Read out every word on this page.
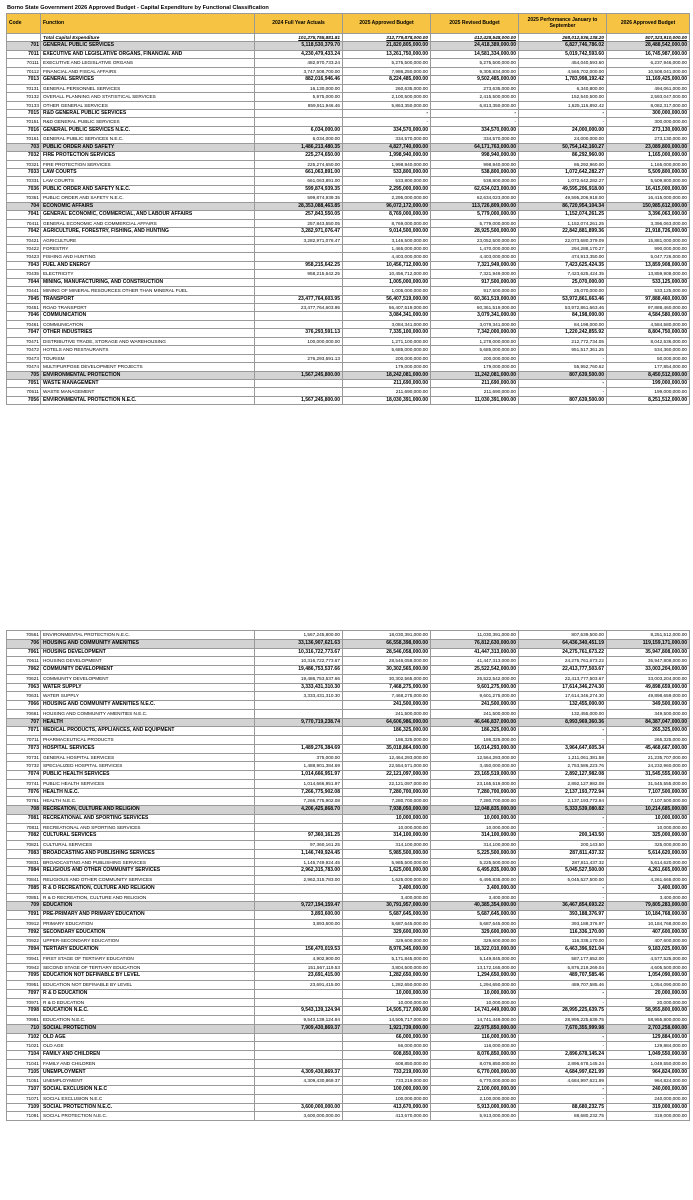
Borno State Government 2026 Approved Budget - Capital Expenditure by Functional Classification
Code	Function	2024 Full Year Actuals	2025 Approved Budget	2025 Revised Budget	2025 Performance January to September	2026 Approved Budget
	Total Capital Expenditure	101,275,755,881.81	312,779,878,000.00	412,428,548,000.00	268,012,536,138.20	507,323,910,000.00
701	GENERAL PUBLIC SERVICES	5,118,530,379.70	21,820,805,000.00	24,418,389,000.00	6,827,746,786.02	28,488,542,000.00
7011	EXECUTIVE AND LEGISLATIVE ORGANS, FINANCIAL AND	4,230,479,433.24	13,261,750,000.00	14,581,334,000.00	5,019,742,593.60	16,745,987,000.00
70111	EXECUTIVE AND LEGISLATIVE ORGANS	482,970,733.24	5,275,500,000.00	5,275,500,000.00	454,040,593.60	6,237,946,000.00
70112	FINANCIAL AND FISCAL AFFAIRS	3,747,508,700.00	7,986,250,000.00	9,305,834,000.00	4,565,702,000.00	10,508,041,000.00
7013	GENERAL SERVICES	882,016,946.46	8,224,485,000.00	9,502,485,000.00	1,783,998,192.42	11,169,425,000.00
70131	GENERAL PERSONNEL SERVICES	16,130,000.00	260,635,000.00	273,635,000.00	6,340,800.00	494,061,000.00
70132	OVERALL PLANNING AND STATISTICAL SERVICES	5,975,000.00	2,100,500,000.00	2,415,500,000.00	152,540,500.00	2,593,047,000.00
70133	OTHER GENERAL SERVICES	859,911,946.46	5,863,350,000.00	6,813,350,000.00	1,625,116,892.42	8,082,317,000.00
7015	R&D GENERAL PUBLIC SERVICES		-	-	-	300,000,000.00
70151	R&D GENERAL PUBLIC SERVICES		-	-	-	300,000,000.00
7016	GENERAL PUBLIC SERVICES N.E.C.	6,034,000.00	334,570,000.00	334,570,000.00	24,000,000.00	273,130,000.00
70161	GENERAL PUBLIC SERVICES N.E.C.	6,034,000.00	334,570,000.00	334,570,000.00	24,000,000.00	273,130,000.00
703	PUBLIC ORDER AND SAFETY	1,486,213,480.35	4,827,740,000.00	64,171,763,000.00	50,754,142,160.27	23,089,800,000.00
7032	FIRE PROTECTION SERVICES	225,274,650.00	1,998,940,000.00	998,940,000.00	86,292,960.00	1,165,000,000.00
70321	FIRE PROTECTION SERVICES	225,274,650.00	1,998,940,000.00	998,940,000.00	86,292,960.00	1,165,000,000.00
7033	LAW COURTS	661,063,891.00	533,800,000.00	538,800,000.00	1,072,642,282.27	5,509,800,000.00
70331	LAW COURTS	661,063,891.00	533,800,000.00	538,800,000.00	1,072,642,282.27	5,509,800,000.00
7036	PUBLIC ORDER AND SAFETY N.E.C.	599,874,939.35	2,295,000,000.00	62,634,023,000.00	49,595,206,918.00	16,415,000,000.00
70361	PUBLIC ORDER AND SAFETY N.E.C.	599,874,939.35	2,295,000,000.00	62,634,023,000.00	49,595,206,918.00	16,415,000,000.00
704	ECONOMIC AFFAIRS	28,353,088,463.85	96,072,172,000.00	113,726,809,000.00	86,720,954,104.34	150,985,612,000.00
7041	GENERAL ECONOMIC, COMMERCIAL, AND LABOUR AFFAIRS	257,843,550.05	8,769,000,000.00	5,779,000,000.00	1,152,074,261.25	3,396,063,000.00
70411	GENERAL ECONOMIC AND COMMERCIAL AFFAIRS	257,843,550.05	8,769,000,000.00	5,779,000,000.00	1,152,074,261.25	3,396,063,000.00
7042	AGRICULTURE, FORESTRY, FISHING, AND HUNTING	3,282,971,076.47	9,014,500,000.00	28,925,500,000.00	22,842,881,899.36	21,918,726,000.00
70421	AGRICULTURE	3,282,971,076.47	3,146,500,000.00	23,052,500,000.00	22,073,680,379.09	15,881,000,000.00
70422	FORESTRY		1,465,000,000.00	1,470,000,000.00	294,288,170.27	990,000,000.00
70423	FISHING AND HUNTING		4,403,000,000.00	4,403,000,000.00	474,913,350.00	5,047,726,000.00
7043	FUEL AND ENERGY	958,215,642.25	10,456,712,000.00	7,321,949,000.00	7,423,625,424.35	13,859,908,000.00
70435	ELECTRICITY	958,215,642.25	10,456,712,000.00	7,321,949,000.00	7,423,625,424.35	13,859,908,000.00
7044	MINING, MANUFACTURING, AND CONSTRUCTION		1,005,000,000.00	917,500,000.00	25,070,000.00	533,125,000.00
70441	MINING OF MINERAL RESOURCES OTHER THAN MINERAL FUEL		1,005,000,000.00	917,500,000.00	25,070,000.00	533,125,000.00
7045	TRANSPORT	23,477,764,603.95	56,407,519,000.00	60,361,519,000.00	53,972,861,663.46	97,888,460,000.00
70451	ROAD TRANSPORT	23,477,764,603.95	56,407,519,000.00	60,361,519,000.00	53,972,861,663.46	97,888,460,000.00
7046	COMMUNICATION		3,084,341,000.00	3,079,341,000.00	84,198,000.00	4,584,580,000.00
70461	COMMUNICATION		3,084,341,000.00	3,079,341,000.00	84,198,000.00	4,584,580,000.00
7047	OTHER INDUSTRIES	376,293,591.13	7,335,100,000.00	7,342,000,000.00	1,220,242,855.92	8,804,750,000.00
70471	DISTRIBUTIVE TRADE, STORAGE AND WAREHOUSING	100,000,000.00	1,271,100,000.00	1,278,000,000.00	212,772,734.05	8,042,536,000.00
70472	HOTELS AND RESTAURANTS		5,685,000,000.00	5,685,000,000.00	951,517,361.25	534,360,000.00
70473	TOURISM	276,293,591.13	200,000,000.00	200,000,000.00	-	50,000,000.00
70474	MULTIPURPOSE DEVELOPMENT PROJECTS		179,000,000.00	179,000,000.00	55,952,760.62	177,854,000.00
705	ENVIRONMENTAL PROTECTION	1,567,245,800.00	18,242,081,000.00	11,242,081,000.00	807,639,500.00	8,450,512,000.00
7051	WASTE MANAGEMENT		211,690,000.00	211,690,000.00	-	199,000,000.00
70511	WASTE MANAGEMENT		211,690,000.00	211,690,000.00	-	199,000,000.00
7056	ENVIRONMENTAL PROTECTION N.E.C.	1,567,245,800.00	18,030,391,000.00	11,030,391,000.00	807,639,500.00	8,251,512,000.00
70561	ENVIRONMENTAL PROTECTION N.E.C.	1,567,245,800.00	18,030,391,000.00	11,030,391,000.00	807,639,500.00	8,251,512,000.00
706	HOUSING AND COMMUNITY AMENITIES	33,136,907,621.63	66,558,398,000.00	76,812,630,000.00	64,436,340,451.19	119,159,171,000.00
7061	HOUSING DEVELOPMENT	10,316,722,773.67	28,546,058,000.00	41,447,313,000.00	24,275,761,673.22	35,947,808,000.00
70611	HOUSING DEVELOPMENT	10,316,722,773.67	28,546,058,000.00	41,447,313,000.00	24,275,761,673.22	35,947,808,000.00
7062	COMMUNITY DEVELOPMENT	19,486,753,537.66	30,302,565,000.00	25,522,542,000.00	22,413,777,503.67	33,003,204,000.00
70621	COMMUNITY DEVELOPMENT	19,486,753,537.66	30,302,565,000.00	25,522,542,000.00	22,413,777,503.67	33,003,204,000.00
7063	WATER SUPPLY	3,333,431,310.30	7,468,275,000.00	9,601,275,000.00	17,614,346,274.30	49,898,659,000.00
70631	WATER SUPPLY	3,333,431,310.30	7,468,275,000.00	9,601,275,000.00	17,614,346,274.30	49,898,659,000.00
7066	HOUSING AND COMMUNITY AMENITIES N.E.C.		241,500,000.00	241,500,000.00	132,455,000.00	349,500,000.00
70661	HOUSING AND COMMUNITY AMENITIES N.E.C.		241,500,000.00	241,500,000.00	132,455,000.00	349,500,000.00
707	HEALTH	9,770,719,238.74	64,606,986,000.00	46,646,837,000.00	8,993,969,360.36	84,387,047,000.00
7071	MEDICAL PRODUCTS, APPLIANCES, AND EQUIPMENT		186,325,000.00	186,325,000.00	-	265,325,000.00
70711	PHARMACEUTICAL PRODUCTS		186,325,000.00	186,325,000.00	-	265,325,000.00
7073	HOSPITAL SERVICES	1,489,276,384.69	35,018,864,000.00	16,014,293,000.00	3,964,647,605.34	45,468,667,000.00
70731	GENERAL HOSPITAL SERVICES	375,000.00	12,464,293,000.00	12,564,293,000.00	1,211,061,381.58	21,235,707,000.00
70732	SPECIALIZED HOSPITAL SERVICES	1,488,901,384.69	22,554,571,000.00	3,450,000,000.00	2,753,586,223.76	24,232,960,000.00
7074	PUBLIC HEALTH SERVICES	1,014,666,951.97	22,121,097,000.00	23,165,519,000.00	2,892,127,982.08	31,545,555,000.00
70741	PUBLIC HEALTH SERVICES	1,014,666,951.97	22,121,097,000.00	23,165,519,000.00	2,892,127,982.08	31,545,555,000.00
7076	HEALTH N.E.C.	7,266,775,902.08	7,280,700,000.00	7,280,700,000.00	2,137,193,772.94	7,107,500,000.00
70761	HEALTH N.E.C.	7,266,775,902.08	7,280,700,000.00	7,280,700,000.00	2,137,193,772.94	7,107,500,000.00
708	RECREATION, CULTURE AND RELIGION	4,206,425,868.70	7,938,050,000.00	12,048,835,000.00	5,333,539,080.82	10,214,685,000.00
7081	RECREATIONAL AND SPORTING SERVICES		10,000,000.00	10,000,000.00	-	10,000,000.00
70811	RECREATIONAL AND SPORTING SERVICES		10,000,000.00	10,000,000.00	-	10,000,000.00
7082	CULTURAL SERVICES	97,360,161.25	314,100,000.00	314,100,000.00	200,143.50	325,000,000.00
70821	CULTURAL SERVICES	97,360,161.25	314,100,000.00	314,100,000.00	200,143.50	325,000,000.00
7083	BROADCASTING AND PUBLISHING SERVICES	1,146,749,924.45	5,985,500,000.00	5,225,500,000.00	287,811,437.32	5,614,620,000.00
70831	BROADCASTING AND PUBLISHING SERVICES	1,146,749,924.45	5,985,500,000.00	5,225,500,000.00	287,811,437.32	5,614,620,000.00
7084	RELIGIOUS AND OTHER COMMUNITY SERVICES	2,962,315,783.00	1,625,000,000.00	6,495,835,000.00	5,045,527,500.00	4,261,665,000.00
70841	RELIGIOUS AND OTHER COMMUNITY SERVICES	2,962,315,783.00	1,625,000,000.00	6,495,835,000.00	5,045,527,500.00	4,261,665,000.00
7085	R & D RECREATION, CULTURE AND RELIGION		3,400,000.00	3,400,000.00	-	3,400,000.00
70851	R & D RECREATION, CULTURE AND RELIGION		3,400,000.00	3,400,000.00	-	3,400,000.00
709	EDUCATION	9,727,194,159.47	30,791,957,000.00	40,385,354,000.00	36,467,854,693.22	79,805,283,000.00
7091	PRE-PRIMARY AND PRIMARY EDUCATION	3,893,600.00	5,687,645,000.00	5,687,645,000.00	393,188,376.97	10,184,768,000.00
70912	PRIMARY EDUCATION	3,893,600.00	5,687,645,000.00	5,687,645,000.00	393,188,376.97	10,184,768,000.00
7092	SECONDARY EDUCATION		329,600,000.00	329,600,000.00	116,336,170.00	407,600,000.00
70922	UPPER-SECONDARY EDUCATION		329,600,000.00	329,600,000.00	116,336,170.00	407,600,000.00
7094	TERTIARY EDUCATION	156,470,019.53	8,976,345,000.00	18,322,010,000.00	6,463,396,921.04	9,183,025,000.00
70941	FIRST STAGE OF TERTIARY EDUCATION	4,902,900.00	5,171,845,000.00	5,149,845,000.00	587,177,652.00	4,577,525,000.00
70942	SECOND STAGE OF TERTIARY EDUCATION	151,567,119.53	3,804,500,000.00	13,172,165,000.00	5,876,219,269.04	4,605,500,000.00
7095	EDUCATION NOT DEFINABLE BY LEVEL	23,691,415.00	1,282,650,000.00	1,294,650,000.00	489,707,585.46	1,054,090,000.00
70951	EDUCATION NOT DEFINABLE BY LEVEL	23,691,415.00	1,282,650,000.00	1,294,650,000.00	489,707,585.46	1,054,090,000.00
7097	R & D EDUCATION		10,000,000.00	10,000,000.00	-	20,000,000.00
70971	R & D EDUCATION		10,000,000.00	10,000,000.00	-	20,000,000.00
7098	EDUCATION N.E.C.	9,543,139,124.94	14,505,717,000.00	14,741,449,000.00	28,995,225,639.75	58,955,800,000.00
70981	EDUCATION N.E.C.	9,543,139,124.94	14,505,717,000.00	14,741,449,000.00	28,995,225,639.75	58,955,800,000.00
710	SOCIAL PROTECTION	7,909,430,869.37	1,921,739,000.00	22,975,850,000.00	7,670,355,999.98	2,703,258,000.00
7102	OLD AGE		66,000,000.00	116,000,000.00	-	129,884,000.00
71021	OLD AGE		66,000,000.00	116,000,000.00	-	129,884,000.00
7104	FAMILY AND CHILDREN		608,850,000.00	8,076,850,000.00	2,896,678,145.24	1,049,550,000.00
71041	FAMILY AND CHILDREN		608,850,000.00	8,076,850,000.00	2,896,678,145.24	1,049,550,000.00
7105	UNEMPLOYMENT	4,309,430,869.37	733,219,000.00	6,770,000,000.00	4,684,997,621.99	964,824,000.00
71051	UNEMPLOYMENT	4,309,430,869.37	733,219,000.00	6,770,000,000.00	4,684,997,621.99	964,824,000.00
7107	SOCIAL EXCLUSION N.E.C		100,000,000.00	2,100,000,000.00	-	240,000,000.00
71071	SOCIAL EXCLUSION N.E.C		100,000,000.00	2,100,000,000.00	-	240,000,000.00
7109	SOCIAL PROTECTION N.E.C.	3,600,000,000.00	413,670,000.00	5,913,000,000.00	88,680,232.75	319,000,000.00
71091	SOCIAL PROTECTION N.E.C.	3,600,000,000.00	413,670,000.00	5,913,000,000.00	88,680,232.75	319,000,000.00
